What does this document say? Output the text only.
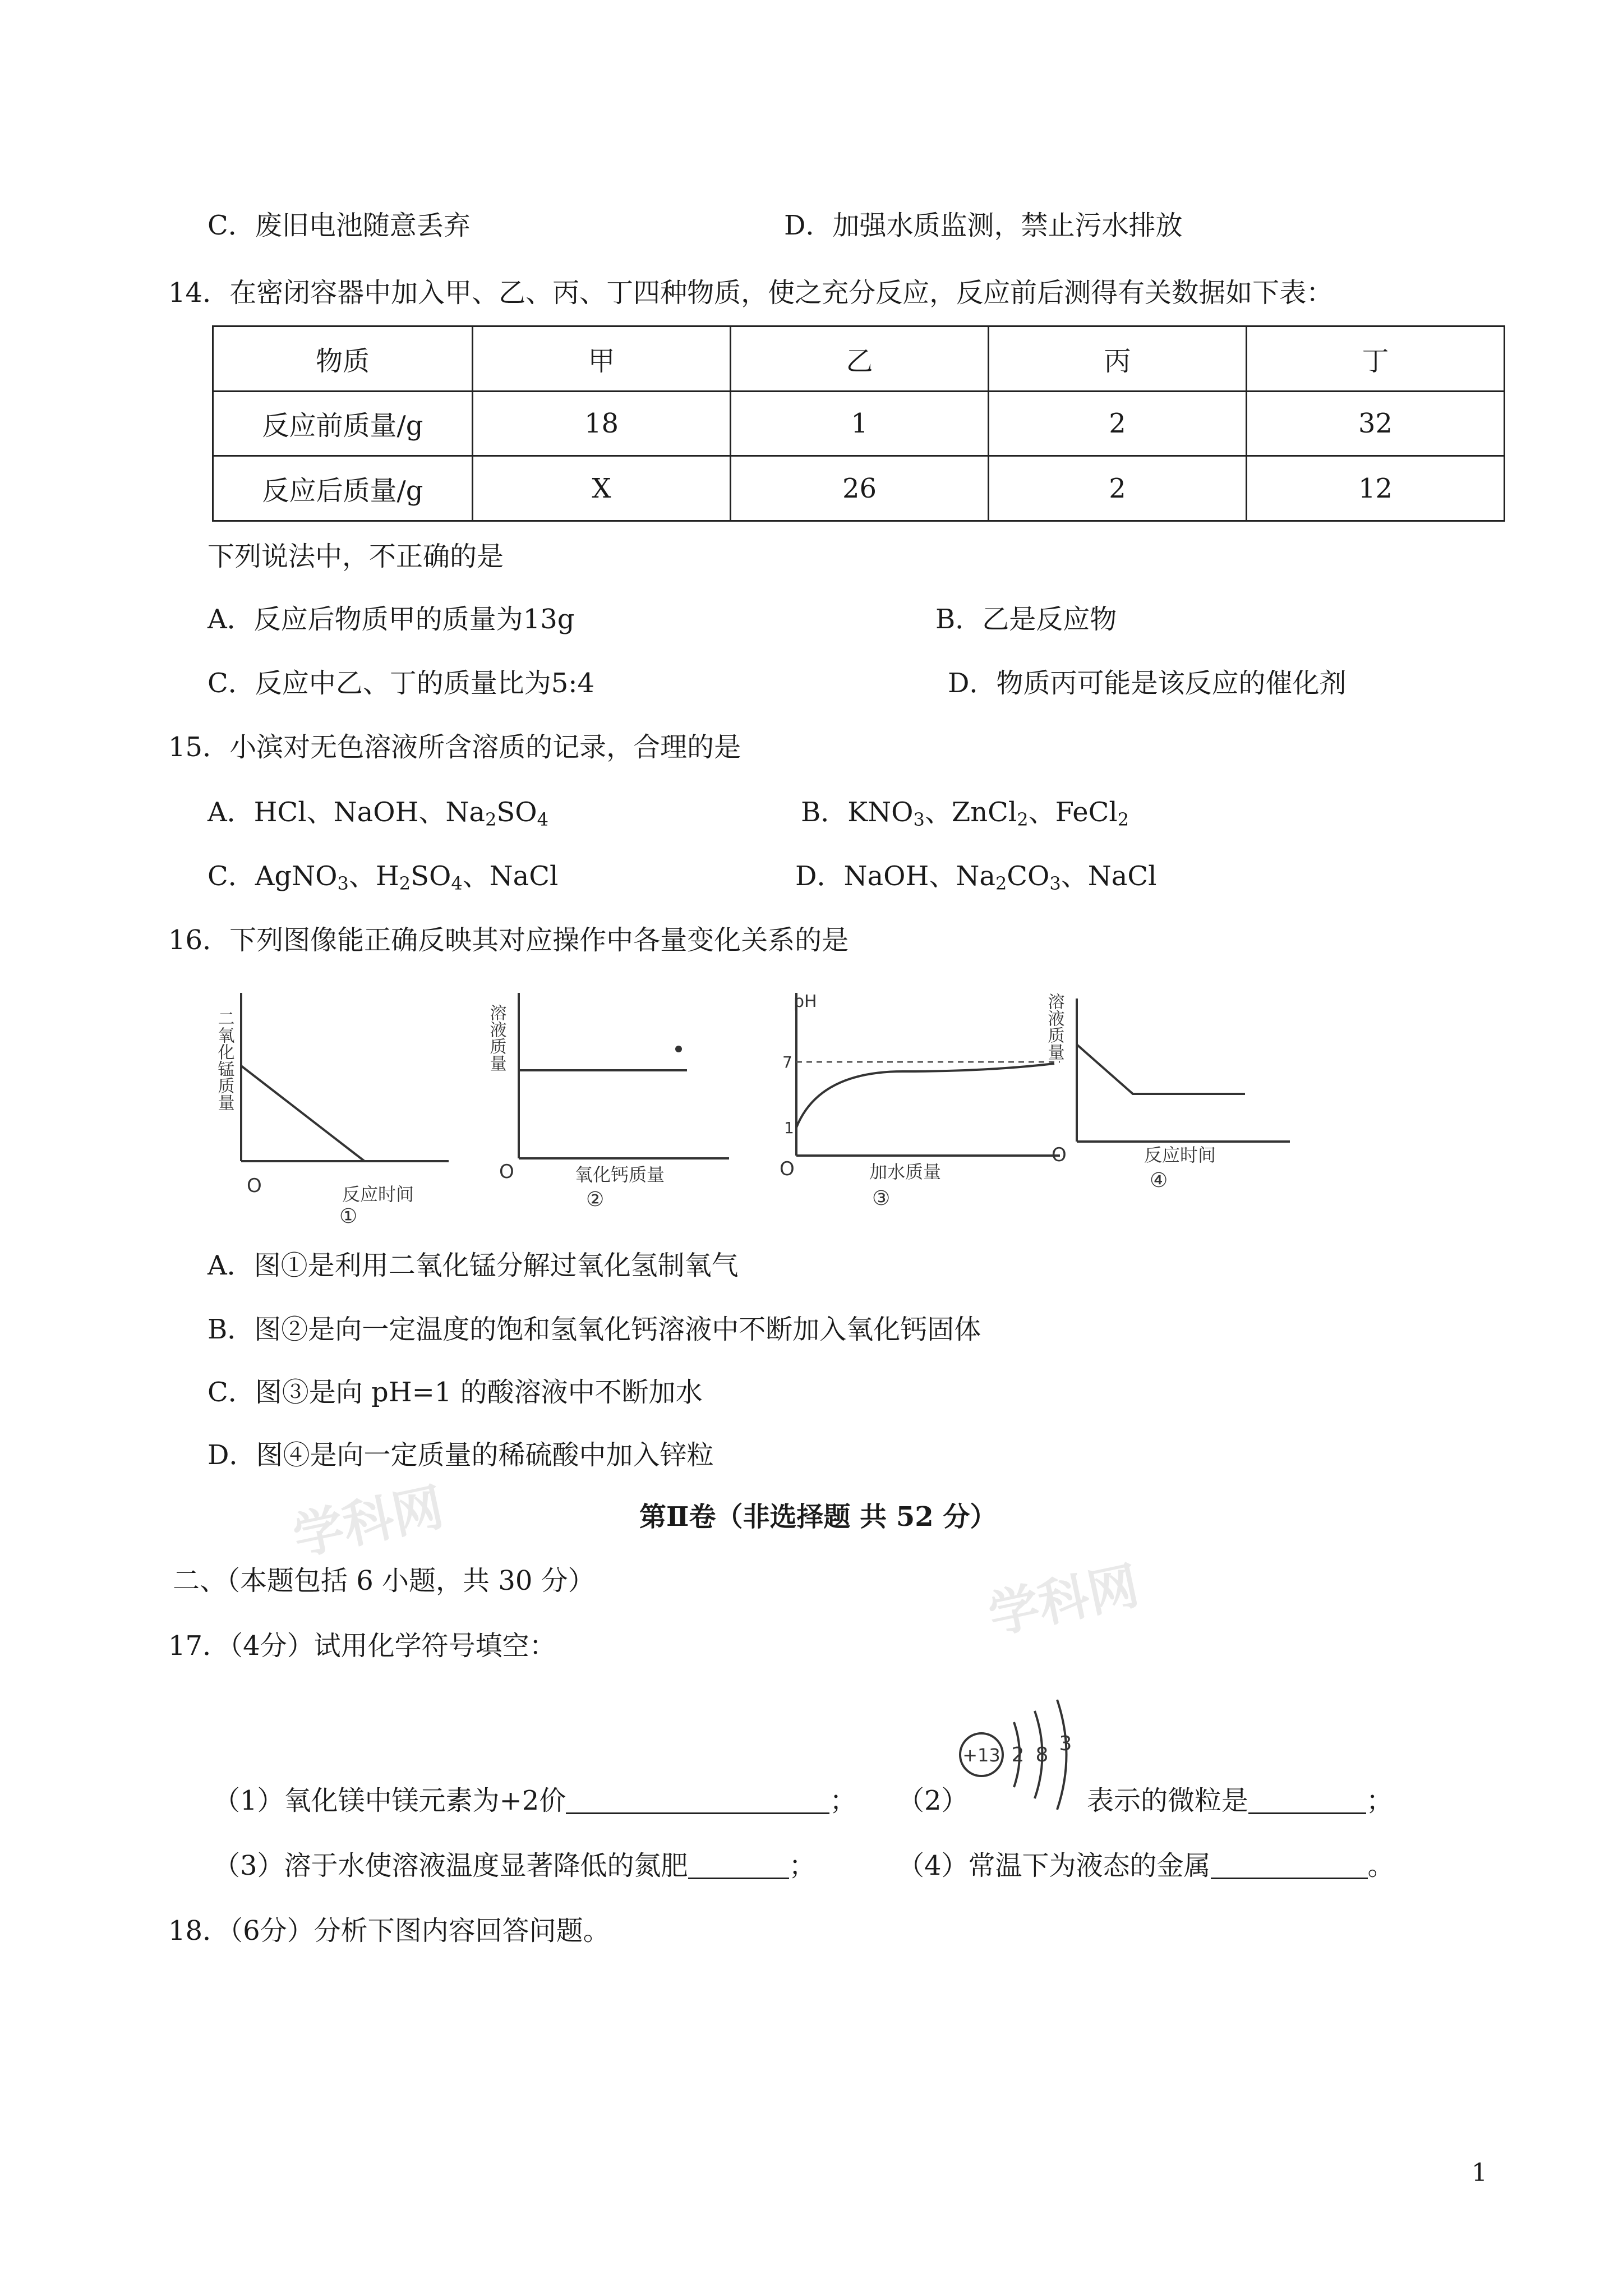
C．废旧电池随意丢弃	D．加强水质监测，禁止污水排放
14．在密闭容器中加入甲、乙、丙、丁四种物质，使之充分反应，反应前后测得有关数据如下表：
物质	甲	乙	丙	丁
反应前质量/g	18	1	2	32
反应后质量/g	X	26	2	12
下列说法中，不正确的是
A．反应后物质甲的质量为13g	B．乙是反应物
C．反应中乙、丁的质量比为5:4	D．物质丙可能是该反应的催化剂
15．小滨对无色溶液所含溶质的记录，合理的是
A．HCl、NaOH、$Na_2SO_4$	B．$KNO_3$、ZnCl$_2$、FeCl$_2$
C．AgNO$_3$、$H_2SO_4$、NaCl	D．NaOH、$Na_2CO_3$、NaCl
16．下列图像能正确反映其对应操作中各量变化关系的是
二氧化锰质量
O	反应时间
①
溶液质量
O	氧化钙质量
②
pH
7
1
O	加水质量
③
溶液质量
O	反应时间
④
A．图①是利用二氧化锰分解过氧化氢制氧气
B．图②是向一定温度的饱和氢氧化钙溶液中不断加入氧化钙固体
C．图③是向 pH=1 的酸溶液中不断加水
D．图④是向一定质量的稀硫酸中加入锌粒
学科网
学科网
第Ⅱ卷（非选择题 共 52 分）
二、（本题包括 6 小题，共 30 分）
17．（4分）试用化学符号填空：
（1）氧化镁中镁元素为+2价	； （2）
+13 2 8 3
表示的微粒是	；
（3）溶于水使溶液温度显著降低的氮肥	；	（4）常温下为液态的金属	。
18．（6分）分析下图内容回答问题。
1
